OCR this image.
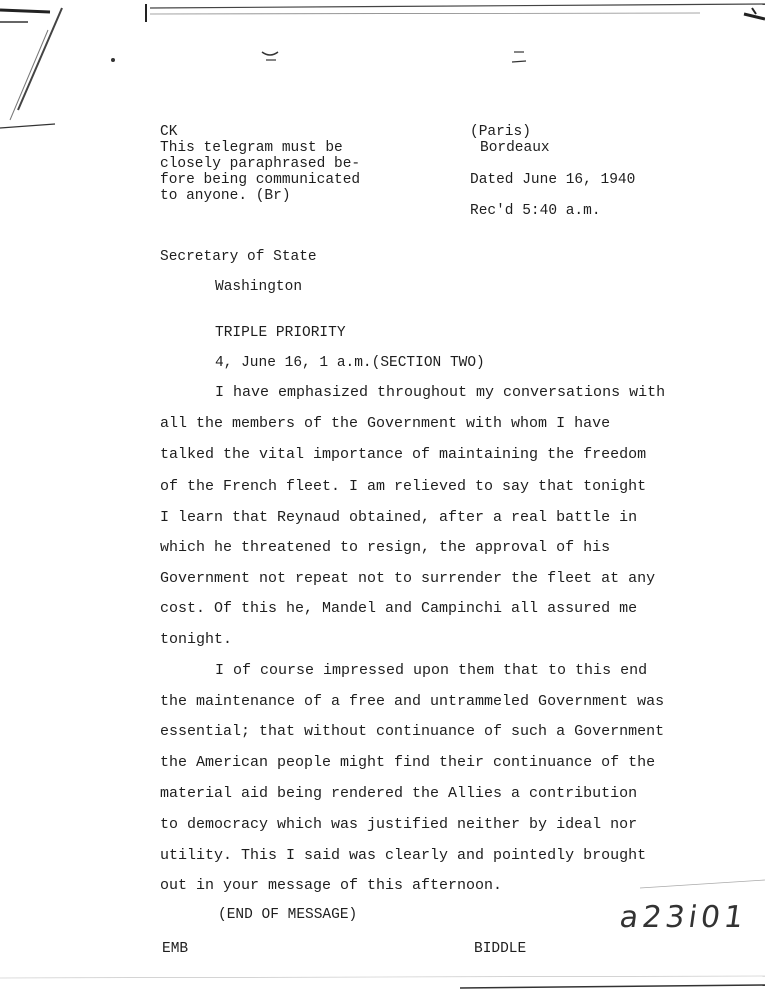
CK

This telegram must be

closely paraphrased be-

fore being communicated

to anyone. (Br)

(Paris)

Bordeaux

Dated June 16, 1940

Rec'd 5:40 a.m.

Secretary of State

Washington

TRIPLE PRIORITY

4, June 16, 1 a.m.(SECTION TWO)

I have emphasized throughout my conversations with

all the members of the Government with whom I have

talked the vital importance of maintaining the freedom

of the French fleet. I am relieved to say that tonight

I learn that Reynaud obtained, after a real battle in

which he threatened to resign, the approval of his

Government not repeat not to surrender the fleet at any

cost. Of this he, Mandel and Campinchi all assured me

tonight.

I of course impressed upon them that to this end

the maintenance of a free and untrammeled Government was

essential; that without continuance of such a Government

the American people might find their continuance of the

material aid being rendered the Allies a contribution

to democracy which was justified neither by ideal nor

utility. This I said was clearly and pointedly brought

out in your message of this afternoon.

(END OF MESSAGE)

EMB	BIDDLE

a23i01
